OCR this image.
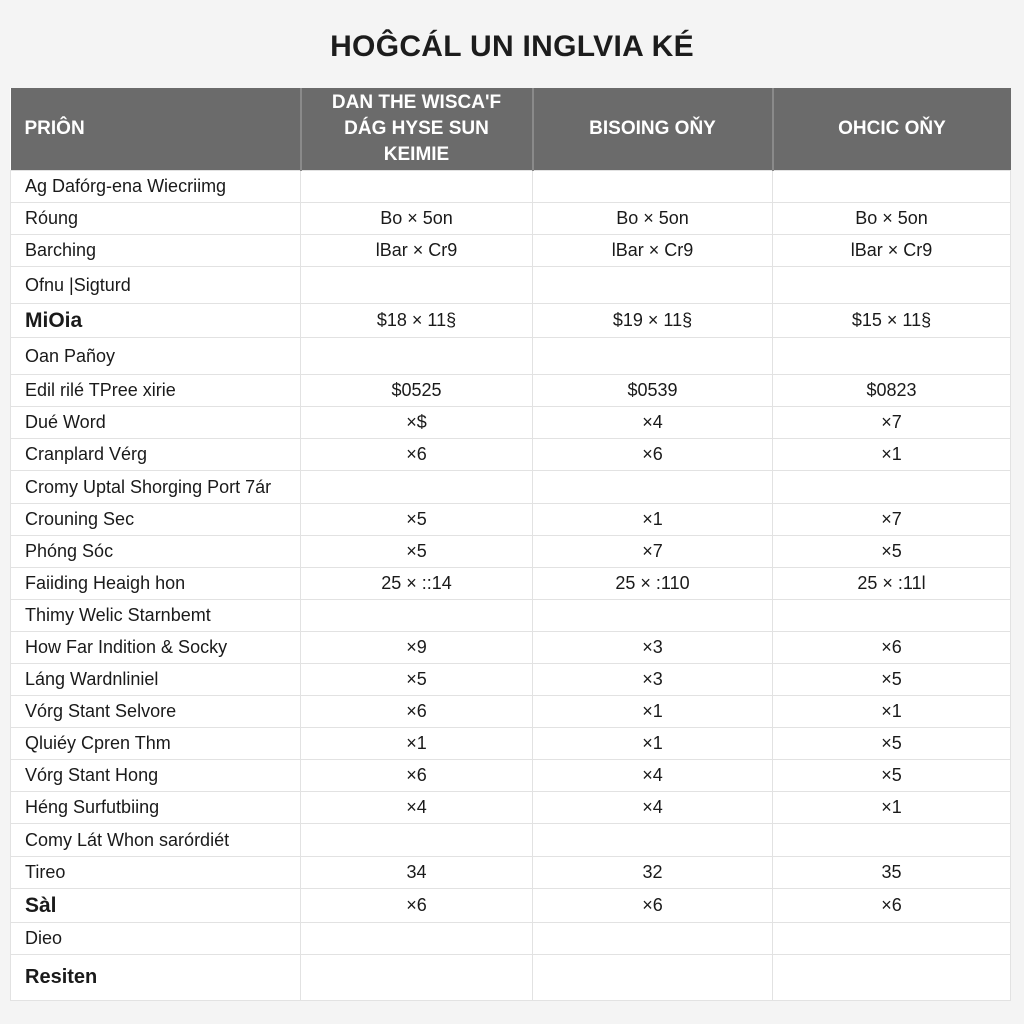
HOĜCÁL UN INGLVIA KÉ
PRIÔN	DAN THE WISCA'F DÁG HYSE SUN KEIMIE	BISOING OŇY	OHCIC OŇY
Ag Dafórg-ena Wiecriimg			
Róung	Bo × 5on	Bo × 5on	Bo × 5on
Barching	lBar × Cr9	lBar × Cr9	lBar × Cr9
Ofnu |Sigturd			
MiOia	$18 × 11§	$19 × 11§	$15 × 11§
Oan Pañoy			
Edil rilé TPree xirie	$0525	$0539	$0823
Dué Word	×$	×4	×7
Cranplard Vérg	×6	×6	×1
Cromy Uptal Shorging Port 7ár			
Crouning Sec	×5	×1	×7
Phóng Sóc	×5	×7	×5
Faiiding Heaigh hon	25 × ::14	25 × :110	25 × :11l
Thimy Welic Starnbemt			
How Far Indition & Socky	×9	×3	×6
Láng Wardnliniel	×5	×3	×5
Vórg Stant Selvore	×6	×1	×1
Qluiéy Cpren Thm	×1	×1	×5
Vórg Stant Hong	×6	×4	×5
Héng Surfutbiing	×4	×4	×1
Comy Lát Whon sarórdiét			
Tireo	34	32	35
Sàl	×6	×6	×6
Dieo			
Resiten			
